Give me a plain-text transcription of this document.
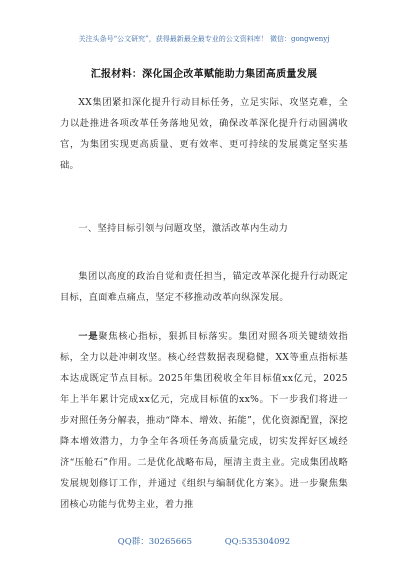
关注头条号“公文研究”，获得最新最全最专业的公文资料库！ 微信：gongwenyj
汇报材料：深化国企改革赋能助力集团高质量发展

XX集团紧扣深化提升行动目标任务，立足实际、攻坚克难，全力以赴推进各项改革任务落地见效，确保改革深化提升行动圆满收官，为集团实现更高质量、更有效率、更可持续的发展奠定坚实基础。

一、坚持目标引领与问题攻坚，激活改革内生动力

集团以高度的政治自觉和责任担当，锚定改革深化提升行动既定目标，直面难点痛点，坚定不移推动改革向纵深发展。

一是聚焦核心指标，狠抓目标落实。集团对照各项关键绩效指标，全力以赴冲刺攻坚。核心经营数据表现稳健，XX等重点指标基本达成既定节点目标。2025年集团税收全年目标值xx亿元，2025年上半年累计完成xx亿元，完成目标值的xx%。下一步我们将进一步对照任务分解表，推动“降本、增效、拓能”，优化资源配置，深挖降本增效潜力，力争全年各项任务高质量完成，切实发挥好区域经济“压舱石”作用。二是优化战略布局，厘清主责主业。完成集团战略发展规划修订工作，并通过《组织与编制优化方案》。进一步聚焦集团核心功能与优势主业，着力推

QQ群：30265665	QQ:535304092
